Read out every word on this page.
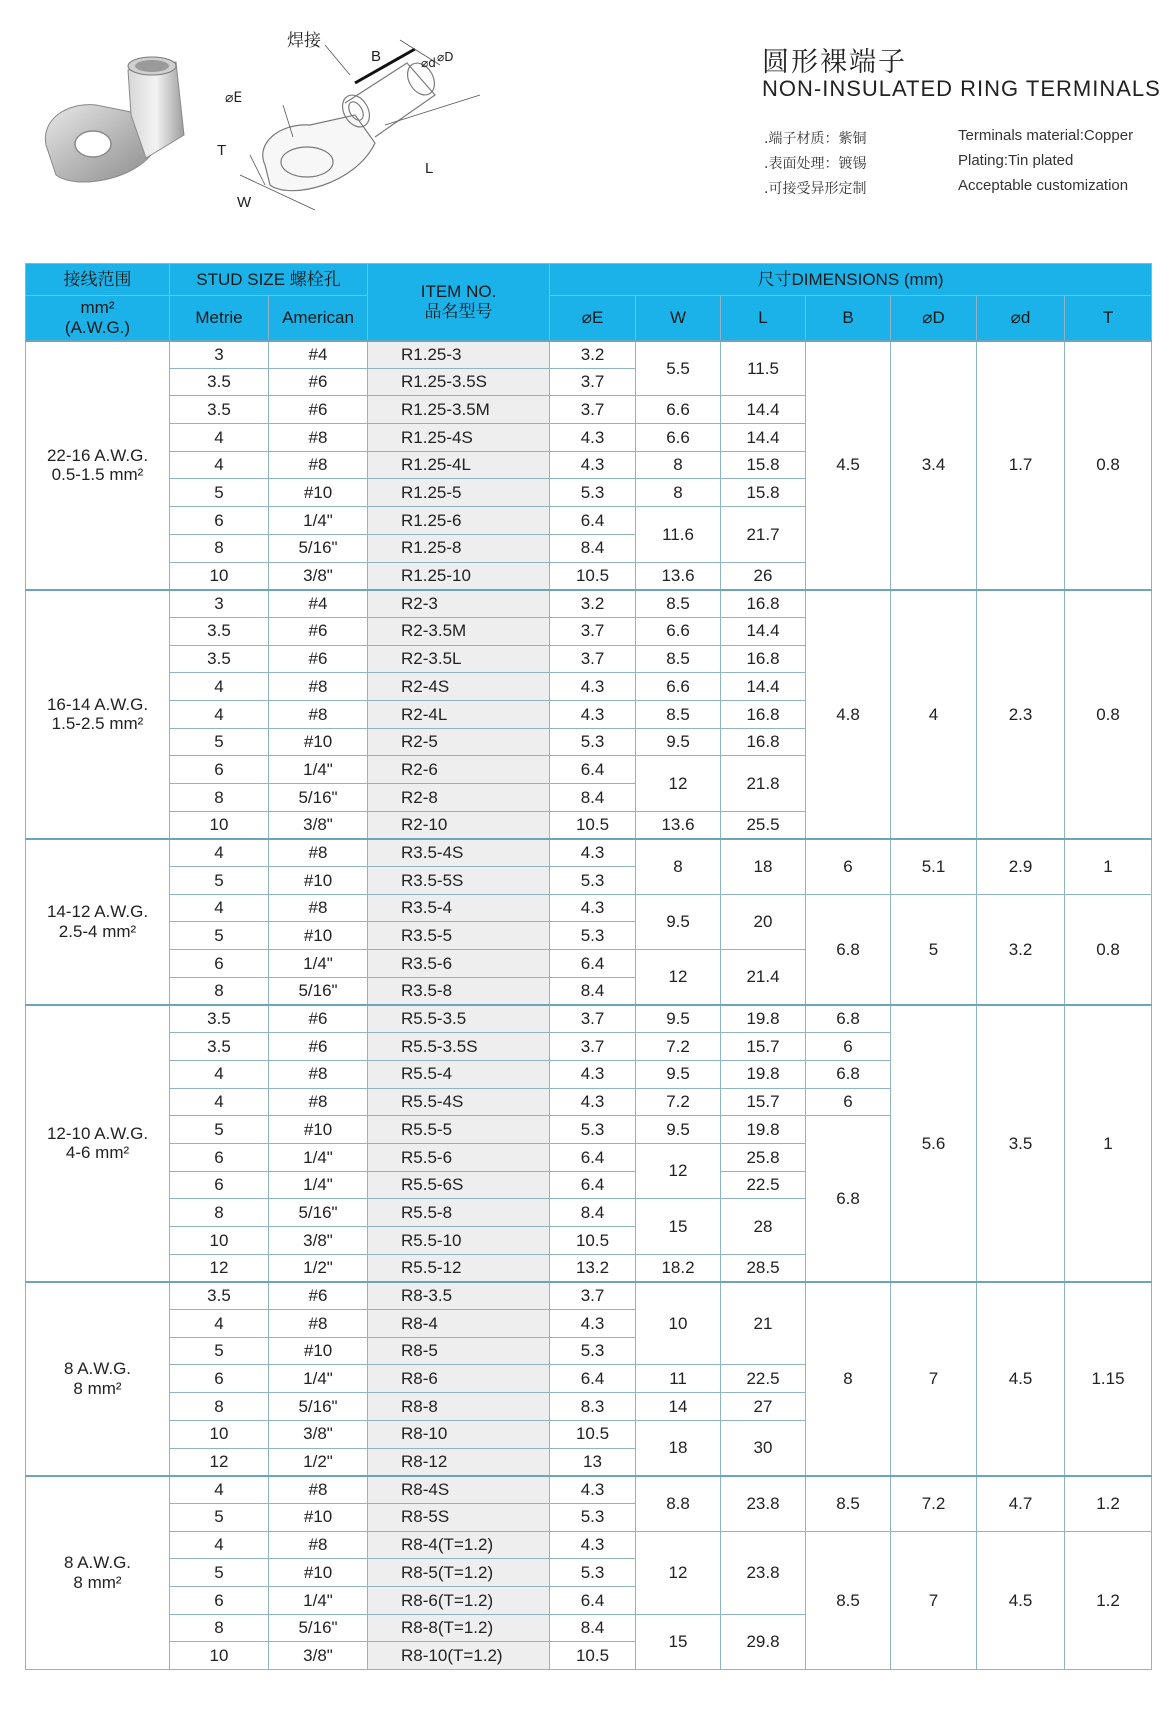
焊接
B	⌀d ⌀D
⌀E
T
W
L
圆形裸端子
NON-INSULATED RING TERMINALS
.端子材质：紫铜
.表面处理：镀锡
.可接受异形定制
Terminals material:Copper
Plating:Tin plated
Acceptable customization
接线范围	STUD SIZE 螺栓孔		ITEM NO.
品名型号	尺寸DIMENSIONS (mm)						

mm²
(A.W.G.)	Metrie	American		⌀E	W	L	B	⌀D	⌀d	T

22-16 A.W.G.
0.5-1.5 mm²	3	#4	R1.25-3	3.2	5.5	11.5	4.5	3.4	1.7	0.8
	3.5	#6	R1.25-3.5S	3.7						
	3.5	#6	R1.25-3.5M	3.7	6.6	14.4				
	4	#8	R1.25-4S	4.3	6.6	14.4				
	4	#8	R1.25-4L	4.3	8	15.8				
	5	#10	R1.25-5	5.3	8	15.8				
	6	1/4"	R1.25-6	6.4	11.6	21.7				
	8	5/16"	R1.25-8	8.4						
	10	3/8"	R1.25-10	10.5	13.6	26				

16-14 A.W.G.
1.5-2.5 mm²	3	#4	R2-3	3.2	8.5	16.8	4.8	4	2.3	0.8
	3.5	#6	R2-3.5M	3.7	6.6	14.4				
	3.5	#6	R2-3.5L	3.7	8.5	16.8				
	4	#8	R2-4S	4.3	6.6	14.4				
	4	#8	R2-4L	4.3	8.5	16.8				
	5	#10	R2-5	5.3	9.5	16.8				
	6	1/4"	R2-6	6.4	12	21.8				
	8	5/16"	R2-8	8.4						
	10	3/8"	R2-10	10.5	13.6	25.5				

14-12 A.W.G.
2.5-4 mm²	4	#8	R3.5-4S	4.3	8	18	6	5.1	2.9	1
	5	#10	R3.5-5S	5.3						
	4	#8	R3.5-4	4.3	9.5	20	6.8	5	3.2	0.8
	5	#10	R3.5-5	5.3						
	6	1/4"	R3.5-6	6.4	12	21.4				
	8	5/16"	R3.5-8	8.4						

12-10 A.W.G.
4-6 mm²	3.5	#6	R5.5-3.5	3.7	9.5	19.8	6.8	5.6	3.5	1
	3.5	#6	R5.5-3.5S	3.7	7.2	15.7	6			
	4	#8	R5.5-4	4.3	9.5	19.8	6.8			
	4	#8	R5.5-4S	4.3	7.2	15.7	6			
	5	#10	R5.5-5	5.3	9.5	19.8	6.8			
	6	1/4"	R5.5-6	6.4	12	25.8				
	6	1/4"	R5.5-6S	6.4		22.5				
	8	5/16"	R5.5-8	8.4	15	28				
	10	3/8"	R5.5-10	10.5						
	12	1/2"	R5.5-12	13.2	18.2	28.5				

8 A.W.G.
8 mm²	3.5	#6	R8-3.5	3.7	10	21	8	7	4.5	1.15
	4	#8	R8-4	4.3						
	5	#10	R8-5	5.3						
	6	1/4"	R8-6	6.4	11	22.5				
	8	5/16"	R8-8	8.3	14	27				
	10	3/8"	R8-10	10.5	18	30				
	12	1/2"	R8-12	13						

8 A.W.G.
8 mm²	4	#8	R8-4S	4.3	8.8	23.8	8.5	7.2	4.7	1.2
	5	#10	R8-5S	5.3						
	4	#8	R8-4(T=1.2)	4.3	12	23.8	8.5	7	4.5	1.2
	5	#10	R8-5(T=1.2)	5.3						
	6	1/4"	R8-6(T=1.2)	6.4						
	8	5/16"	R8-8(T=1.2)	8.4	15	29.8				
	10	3/8"	R8-10(T=1.2)	10.5						
